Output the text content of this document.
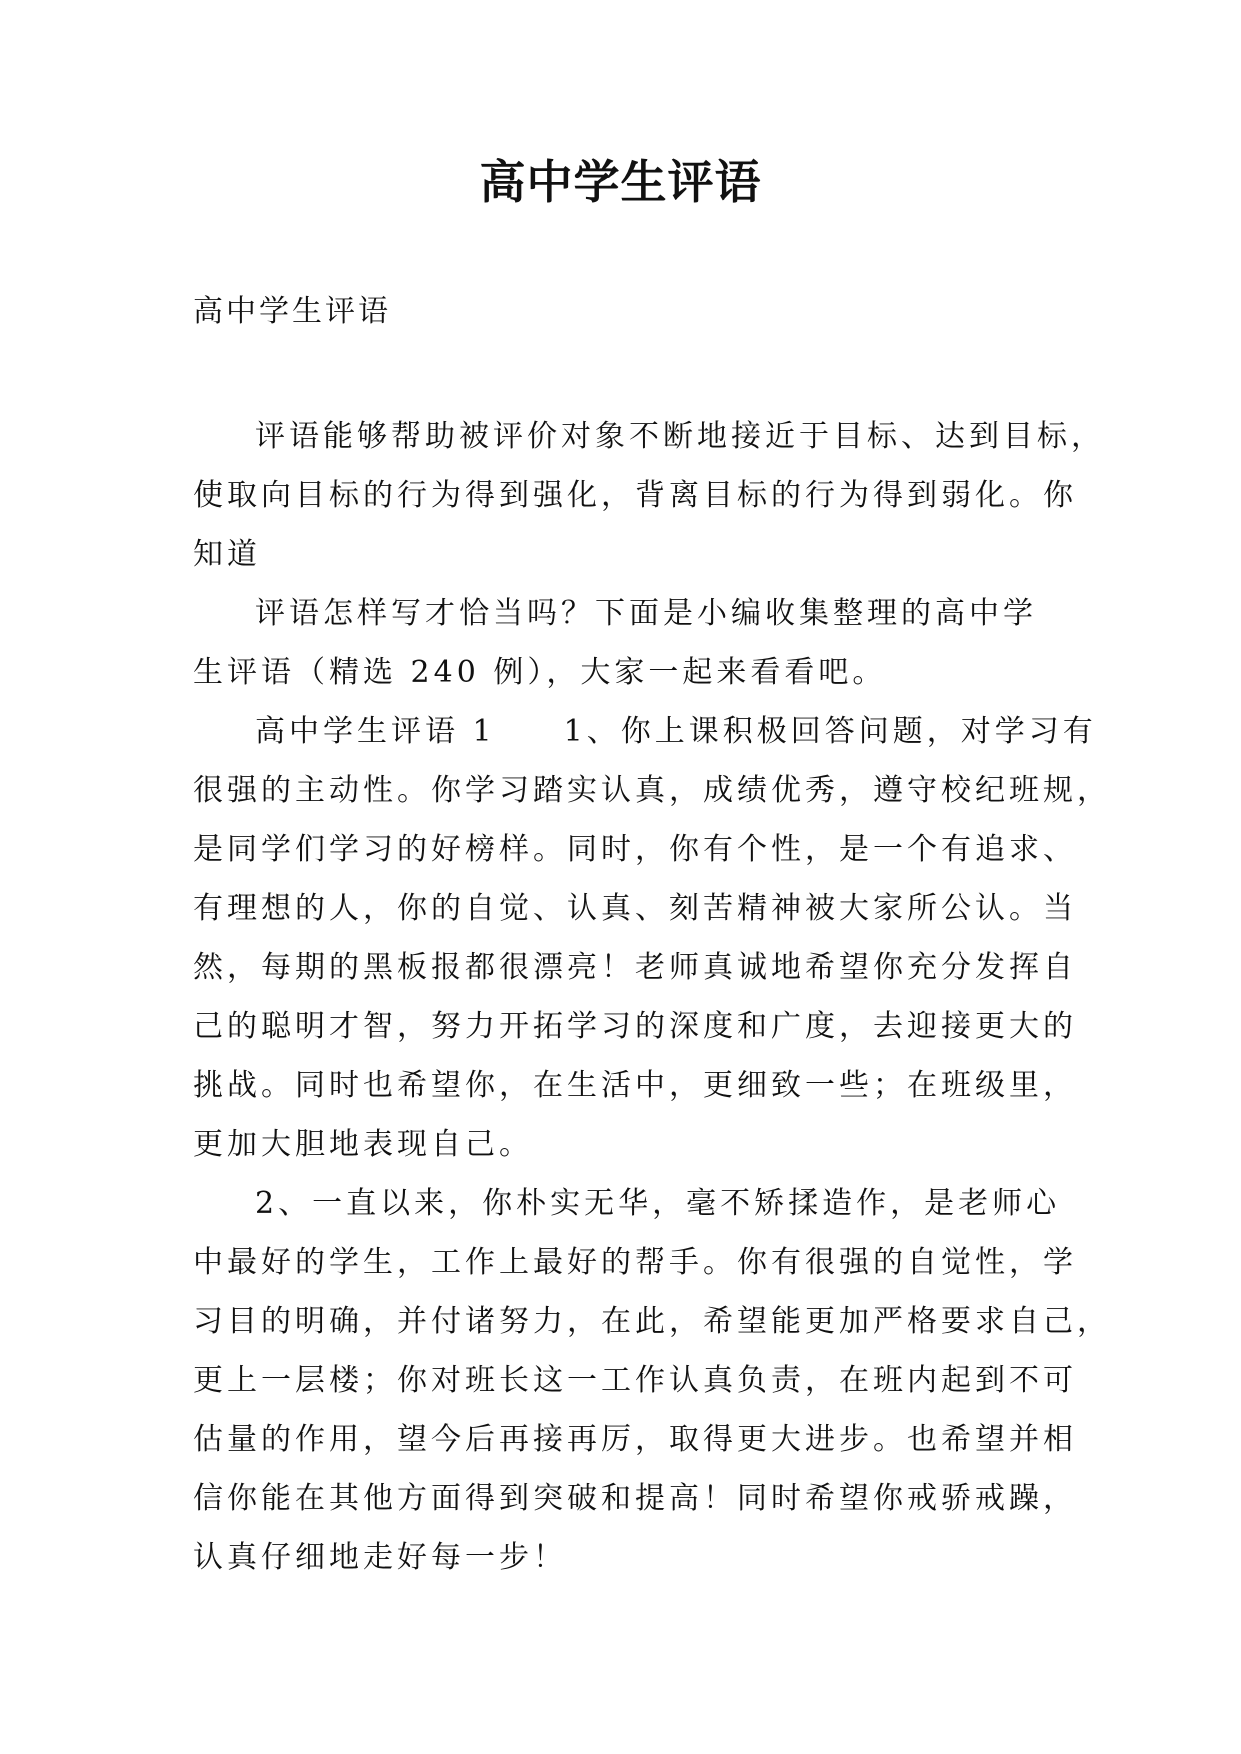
高中学生评语
高中学生评语
评语能够帮助被评价对象不断地接近于目标、达到目标，
使取向目标的行为得到强化，背离目标的行为得到弱化。你
知道
评语怎样写才恰当吗？下面是小编收集整理的高中学
生评语（精选 240 例），大家一起来看看吧。
高中学生评语 1　　1、你上课积极回答问题，对学习有
很强的主动性。你学习踏实认真，成绩优秀，遵守校纪班规，
是同学们学习的好榜样。同时，你有个性，是一个有追求、
有理想的人，你的自觉、认真、刻苦精神被大家所公认。当
然，每期的黑板报都很漂亮！老师真诚地希望你充分发挥自
己的聪明才智，努力开拓学习的深度和广度，去迎接更大的
挑战。同时也希望你，在生活中，更细致一些；在班级里，
更加大胆地表现自己。
2、一直以来，你朴实无华，毫不矫揉造作，是老师心
中最好的学生，工作上最好的帮手。你有很强的自觉性，学
习目的明确，并付诸努力，在此，希望能更加严格要求自己，
更上一层楼；你对班长这一工作认真负责，在班内起到不可
估量的作用，望今后再接再厉，取得更大进步。也希望并相
信你能在其他方面得到突破和提高！同时希望你戒骄戒躁，
认真仔细地走好每一步！
